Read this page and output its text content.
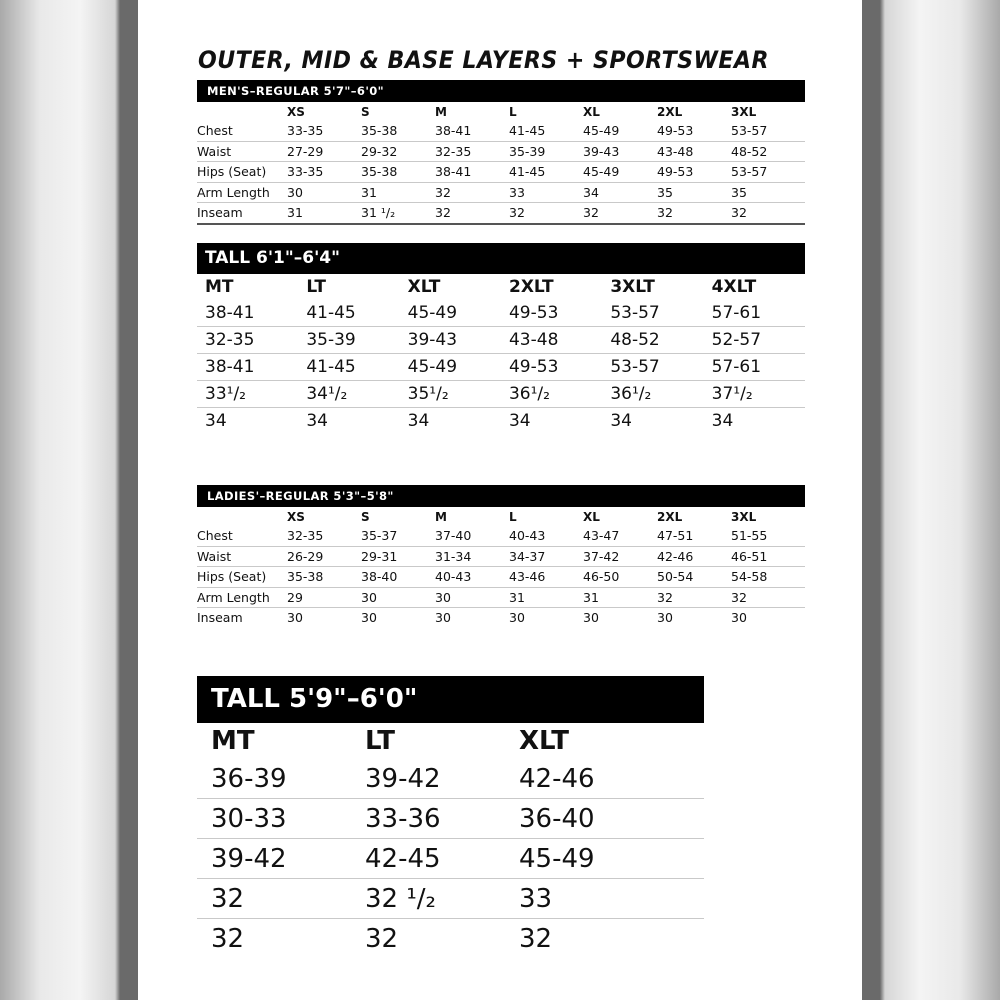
OUTER, MID & BASE LAYERS + SPORTSWEAR
MEN'S–REGULAR 5'7"–6'0"
	XS	S	M	L	XL	2XL	3XL
Chest	33-35	35-38	38-41	41-45	45-49	49-53	53-57
Waist	27-29	29-32	32-35	35-39	39-43	43-48	48-52
Hips (Seat)	33-35	35-38	38-41	41-45	45-49	49-53	53-57
Arm Length	30	31	32	33	34	35	35
Inseam	31	31 ¹/₂	32	32	32	32	32
TALL 6'1"–6'4"
MT	LT	XLT	2XLT	3XLT	4XLT
38-41	41-45	45-49	49-53	53-57	57-61
32-35	35-39	39-43	43-48	48-52	52-57
38-41	41-45	45-49	49-53	53-57	57-61
33¹/₂	34¹/₂	35¹/₂	36¹/₂	36¹/₂	37¹/₂
34	34	34	34	34	34
LADIES'–REGULAR 5'3"–5'8"
	XS	S	M	L	XL	2XL	3XL
Chest	32-35	35-37	37-40	40-43	43-47	47-51	51-55
Waist	26-29	29-31	31-34	34-37	37-42	42-46	46-51
Hips (Seat)	35-38	38-40	40-43	43-46	46-50	50-54	54-58
Arm Length	29	30	30	31	31	32	32
Inseam	30	30	30	30	30	30	30
TALL 5'9"–6'0"
MT	LT	XLT
36-39	39-42	42-46
30-33	33-36	36-40
39-42	42-45	45-49
32	32 ¹/₂	33
32	32	32
